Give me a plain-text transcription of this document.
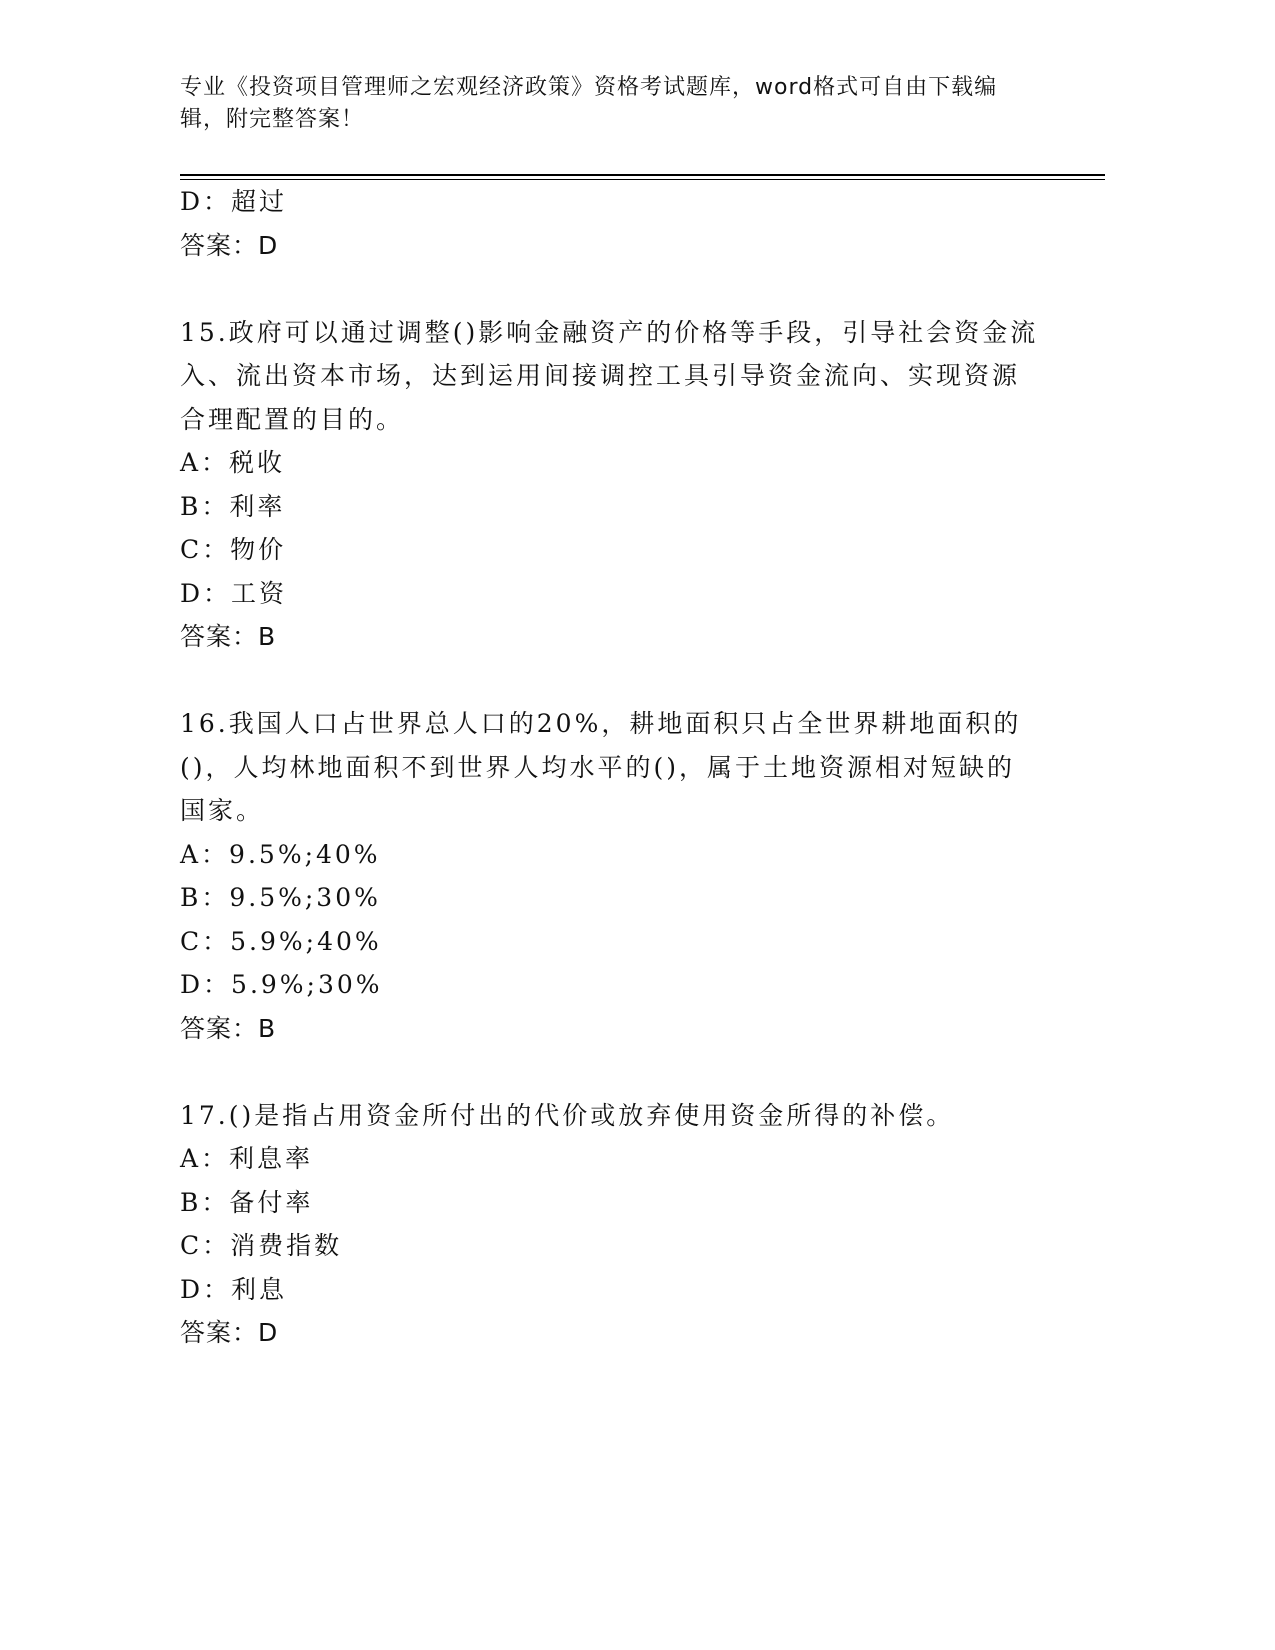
专业《投资项目管理师之宏观经济政策》资格考试题库，word格式可自由下载编
辑，附完整答案！
D：超过
答案：D
15.政府可以通过调整()影响金融资产的价格等手段，引导社会资金流入、流出资本市场，达到运用间接调控工具引导资金流向、实现资源合理配置的目的。
A：税收
B：利率
C：物价
D：工资
答案：B
16.我国人口占世界总人口的20%，耕地面积只占全世界耕地面积的()，人均林地面积不到世界人均水平的()，属于土地资源相对短缺的国家。
A：9.5%;40%
B：9.5%;30%
C：5.9%;40%
D：5.9%;30%
答案：B
17.()是指占用资金所付出的代价或放弃使用资金所得的补偿。
A：利息率
B：备付率
C：消费指数
D：利息
答案：D
